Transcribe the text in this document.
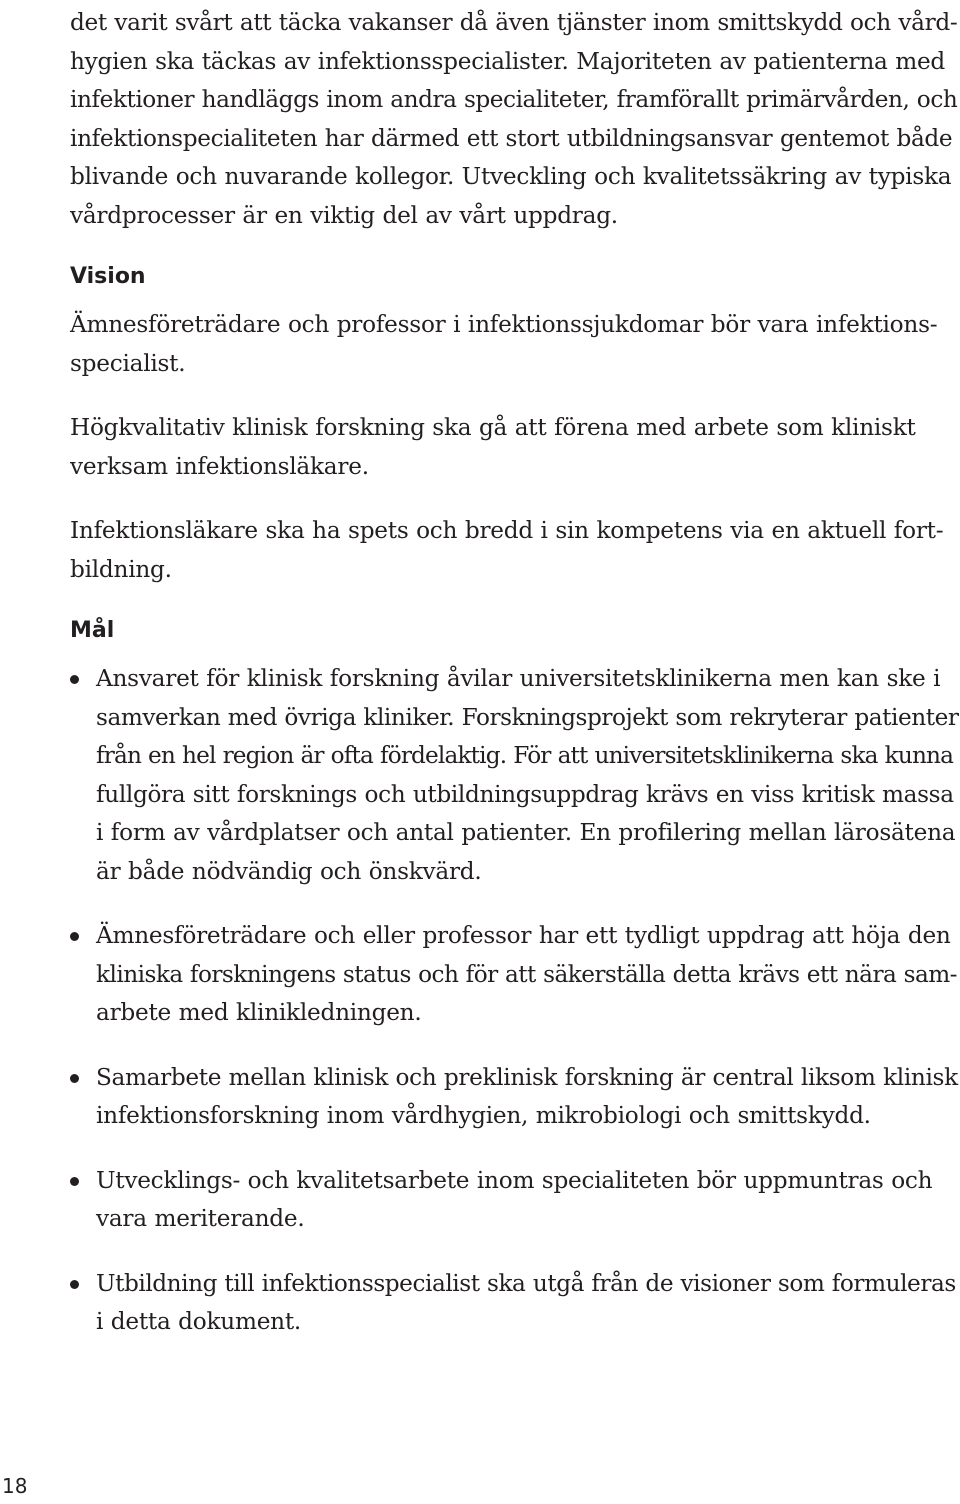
det varit svårt att täcka vakanser då även tjänster inom smittskydd och vård-
hygien ska täckas av infektionsspecialister. Majoriteten av patienterna med
infektioner handläggs inom andra specialiteter, framförallt primärvården, och
infektionspecialiteten har därmed ett stort utbildningsansvar gentemot både
blivande och nuvarande kollegor. Utveckling och kvalitetssäkring av typiska
vårdprocesser är en viktig del av vårt uppdrag.

Vision

Ämnesföreträdare och professor i infektionssjukdomar bör vara infektions-
specialist.

Högkvalitativ klinisk forskning ska gå att förena med arbete som kliniskt
verksam infektionsläkare.

Infektionsläkare ska ha spets och bredd i sin kompetens via en aktuell fort-
bildning.

Mål
Ansvaret för klinisk forskning åvilar universitetsklinikerna men kan ske i
samverkan med övriga kliniker. Forskningsprojekt som rekryterar patienter
från en hel region är ofta fördelaktig. För att universitetsklinikerna ska kunna
fullgöra sitt forsknings och utbildningsuppdrag krävs en viss kritisk massa
i form av vårdplatser och antal patienter. En profilering mellan lärosätena
är både nödvändig och önskvärd.
Ämnesföreträdare och eller professor har ett tydligt uppdrag att höja den
kliniska forskningens status och för att säkerställa detta krävs ett nära sam-
arbete med klinikledningen.
Samarbete mellan klinisk och preklinisk forskning är central liksom klinisk
infektionsforskning inom vårdhygien, mikrobiologi och smittskydd.
Utvecklings- och kvalitetsarbete inom specialiteten bör uppmuntras och
vara meriterande.
Utbildning till infektionsspecialist ska utgå från de visioner som formuleras
i detta dokument.
18
